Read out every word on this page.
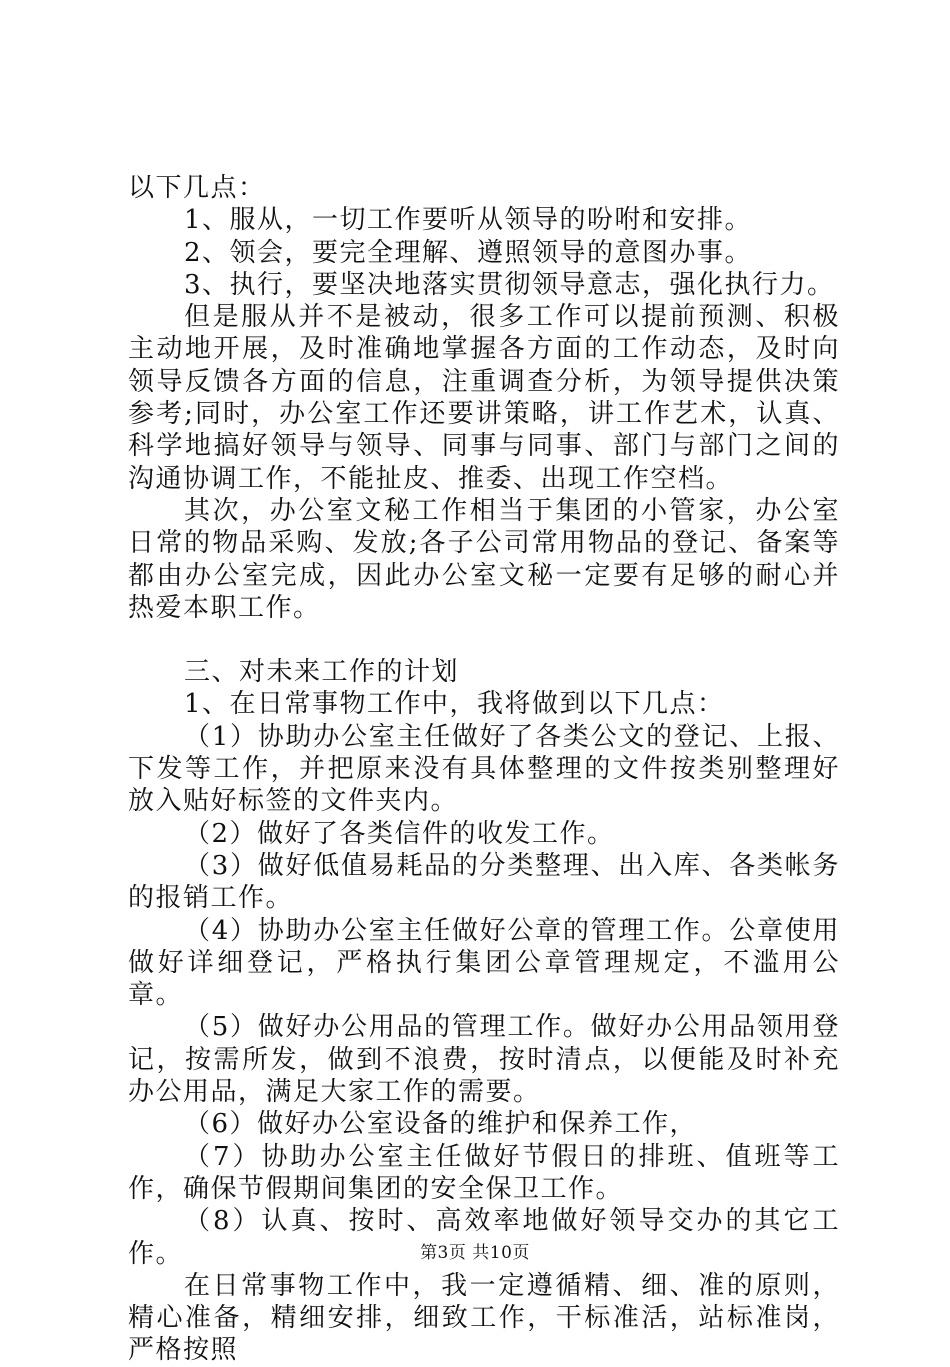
以下几点：

1、服从，一切工作要听从领导的吩咐和安排。

2、领会，要完全理解、遵照领导的意图办事。

3、执行，要坚决地落实贯彻领导意志，强化执行力。

但是服从并不是被动，很多工作可以提前预测、积极主动地开展，及时准确地掌握各方面的工作动态，及时向领导反馈各方面的信息，注重调查分析，为领导提供决策参考;同时，办公室工作还要讲策略，讲工作艺术，认真、科学地搞好领导与领导、同事与同事、部门与部门之间的沟通协调工作，不能扯皮、推委、出现工作空档。

其次，办公室文秘工作相当于集团的小管家，办公室日常的物品采购、发放;各子公司常用物品的登记、备案等都由办公室完成，因此办公室文秘一定要有足够的耐心并热爱本职工作。

三、对未来工作的计划

1、在日常事物工作中，我将做到以下几点：

（1）协助办公室主任做好了各类公文的登记、上报、下发等工作，并把原来没有具体整理的文件按类别整理好放入贴好标签的文件夹内。

（2）做好了各类信件的收发工作。

（3）做好低值易耗品的分类整理、出入库、各类帐务的报销工作。

（4）协助办公室主任做好公章的管理工作。公章使用做好详细登记，严格执行集团公章管理规定，不滥用公章。

（5）做好办公用品的管理工作。做好办公用品领用登记，按需所发，做到不浪费，按时清点，以便能及时补充办公用品，满足大家工作的需要。

（6）做好办公室设备的维护和保养工作，

（7）协助办公室主任做好节假日的排班、值班等工作，确保节假期间集团的安全保卫工作。

（8）认真、按时、高效率地做好领导交办的其它工作。

在日常事物工作中，我一定遵循精、细、准的原则，精心准备，精细安排，细致工作，干标准活，站标准岗，严格按照

第3页 共10页
